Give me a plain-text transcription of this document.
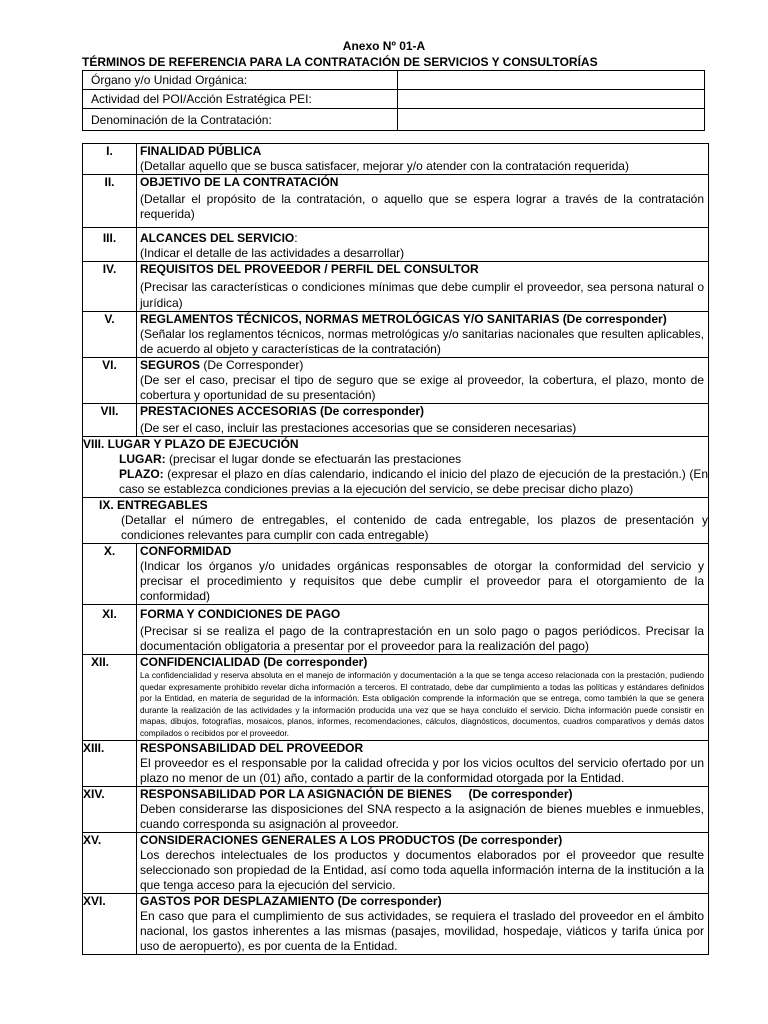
Anexo Nº 01-A
TÉRMINOS DE REFERENCIA PARA LA CONTRATACIÓN DE SERVICIOS Y CONSULTORÍAS
Órgano y/o Unidad Orgánica:	
Actividad del POI/Acción Estratégica PEI:	
Denominación de la Contratación:	
I.	FINALIDAD PÚBLICA
(Detallar aquello que se busca satisfacer, mejorar y/o atender con la contratación requerida)

II.	OBJETIVO DE LA CONTRATACIÓN
(Detallar el propósito de la contratación, o aquello que se espera lograr a través de la contratación requerida)

III.	ALCANCES DEL SERVICIO:
(Indicar el detalle de las actividades a desarrollar)

IV.	REQUISITOS DEL PROVEEDOR / PERFIL DEL CONSULTOR
(Precisar las características o condiciones mínimas que debe cumplir el proveedor, sea persona natural o jurídica)

V.	REGLAMENTOS TÉCNICOS, NORMAS METROLÓGICAS Y/O SANITARIAS (De corresponder)
(Señalar los reglamentos técnicos, normas metrológicas y/o sanitarias nacionales que resulten aplicables, de acuerdo al objeto y características de la contratación)

VI.	SEGUROS (De Corresponder)
(De ser el caso, precisar el tipo de seguro que se exige al proveedor, la cobertura, el plazo, monto de cobertura y oportunidad de su presentación)

VII.	PRESTACIONES ACCESORIAS (De corresponder)
(De ser el caso, incluir las prestaciones accesorias que se consideren necesarias)

VIII. LUGAR Y PLAZO DE EJECUCIÓN
LUGAR: (precisar el lugar donde se efectuarán las prestaciones
PLAZO: (expresar el plazo en días calendario, indicando el inicio del plazo de ejecución de la prestación.) (En caso se establezca condiciones previas a la ejecución del servicio, se debe precisar dicho plazo)	

IX. ENTREGABLES
(Detallar el número de entregables, el contenido de cada entregable, los plazos de presentación y condiciones relevantes para cumplir con cada entregable)	

X.	CONFORMIDAD
(Indicar los órganos y/o unidades orgánicas responsables de otorgar la conformidad del servicio y precisar el procedimiento y requisitos que debe cumplir el proveedor para el otorgamiento de la conformidad)

XI.	FORMA Y CONDICIONES DE PAGO
(Precisar si se realiza el pago de la contraprestación en un solo pago o pagos periódicos. Precisar la documentación obligatoria a presentar por el proveedor para la realización del pago)

XII.	CONFIDENCIALIDAD (De corresponder)
La confidencialidad y reserva absoluta en el manejo de información y documentación a la que se tenga acceso relacionada con la prestación, pudiendo quedar expresamente prohibido revelar dicha información a terceros. El contratado, debe dar cumplimiento a todas las políticas y estándares definidos por la Entidad, en materia de seguridad de la información. Esta obligación comprende la información que se entrega, como también la que se genera durante la realización de las actividades y la información producida una vez que se haya concluido el servicio. Dicha información puede consistir en mapas, dibujos, fotografías, mosaicos, planos, informes, recomendaciones, cálculos, diagnósticos, documentos, cuadros comparativos y demás datos compilados o recibidos por el proveedor.

XIII.	RESPONSABILIDAD DEL PROVEEDOR
El proveedor es el responsable por la calidad ofrecida y por los vicios ocultos del servicio ofertado por un plazo no menor de un (01) año, contado a partir de la conformidad otorgada por la Entidad.

XIV.	RESPONSABILIDAD POR LA ASIGNACIÓN DE BIENES     (De corresponder)
Deben considerarse las disposiciones del SNA respecto a la asignación de bienes muebles e inmuebles, cuando corresponda su asignación al proveedor.

XV.	CONSIDERACIONES GENERALES A LOS PRODUCTOS (De corresponder)
Los derechos intelectuales de los productos y documentos elaborados por el proveedor que resulte seleccionado son propiedad de la Entidad, así como toda aquella información interna de la institución a la que tenga acceso para la ejecución del servicio.

XVI.	GASTOS POR DESPLAZAMIENTO (De corresponder)
En caso que para el cumplimiento de sus actividades, se requiera el traslado del proveedor en el ámbito nacional, los gastos inherentes a las mismas (pasajes, movilidad, hospedaje, viáticos y tarifa única por uso de aeropuerto), es por cuenta de la Entidad.
